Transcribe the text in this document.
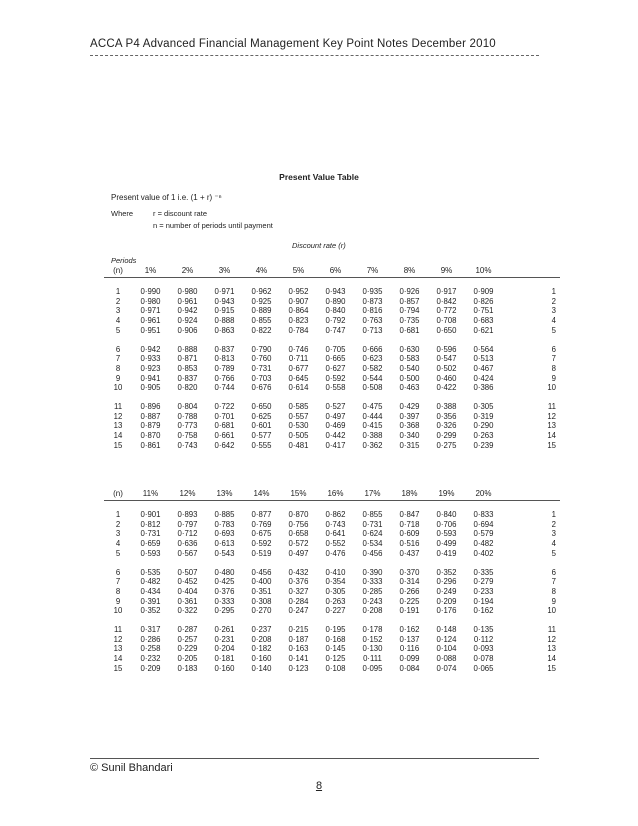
ACCA P4 Advanced Financial Management Key Point Notes December 2010
Present Value Table
Present value of 1 i.e. (1 + r) ⁻ⁿ
Where	r = discount rate
n = number of periods until payment
Discount rate (r)
Periods
(n)	1%	2%	3%	4%	5%	6%	7%	8%	9%	10%	

1	0·990	0·980	0·971	0·962	0·952	0·943	0·935	0·926	0·917	0·909	1
2	0·980	0·961	0·943	0·925	0·907	0·890	0·873	0·857	0·842	0·826	2
3	0·971	0·942	0·915	0·889	0·864	0·840	0·816	0·794	0·772	0·751	3
4	0·961	0·924	0·888	0·855	0·823	0·792	0·763	0·735	0·708	0·683	4
5	0·951	0·906	0·863	0·822	0·784	0·747	0·713	0·681	0·650	0·621	5

6	0·942	0·888	0·837	0·790	0·746	0·705	0·666	0·630	0·596	0·564	6
7	0·933	0·871	0·813	0·760	0·711	0·665	0·623	0·583	0·547	0·513	7
8	0·923	0·853	0·789	0·731	0·677	0·627	0·582	0·540	0·502	0·467	8
9	0·941	0·837	0·766	0·703	0·645	0·592	0·544	0·500	0·460	0·424	9
10	0·905	0·820	0·744	0·676	0·614	0·558	0·508	0·463	0·422	0·386	10

11	0·896	0·804	0·722	0·650	0·585	0·527	0·475	0·429	0·388	0·305	11
12	0·887	0·788	0·701	0·625	0·557	0·497	0·444	0·397	0·356	0·319	12
13	0·879	0·773	0·681	0·601	0·530	0·469	0·415	0·368	0·326	0·290	13
14	0·870	0·758	0·661	0·577	0·505	0·442	0·388	0·340	0·299	0·263	14
15	0·861	0·743	0·642	0·555	0·481	0·417	0·362	0·315	0·275	0·239	15
(n)	11%	12%	13%	14%	15%	16%	17%	18%	19%	20%	

1	0·901	0·893	0·885	0·877	0·870	0·862	0·855	0·847	0·840	0·833	1
2	0·812	0·797	0·783	0·769	0·756	0·743	0·731	0·718	0·706	0·694	2
3	0·731	0·712	0·693	0·675	0·658	0·641	0·624	0·609	0·593	0·579	3
4	0·659	0·636	0·613	0·592	0·572	0·552	0·534	0·516	0·499	0·482	4
5	0·593	0·567	0·543	0·519	0·497	0·476	0·456	0·437	0·419	0·402	5

6	0·535	0·507	0·480	0·456	0·432	0·410	0·390	0·370	0·352	0·335	6
7	0·482	0·452	0·425	0·400	0·376	0·354	0·333	0·314	0·296	0·279	7
8	0·434	0·404	0·376	0·351	0·327	0·305	0·285	0·266	0·249	0·233	8
9	0·391	0·361	0·333	0·308	0·284	0·263	0·243	0·225	0·209	0·194	9
10	0·352	0·322	0·295	0·270	0·247	0·227	0·208	0·191	0·176	0·162	10

11	0·317	0·287	0·261	0·237	0·215	0·195	0·178	0·162	0·148	0·135	11
12	0·286	0·257	0·231	0·208	0·187	0·168	0·152	0·137	0·124	0·112	12
13	0·258	0·229	0·204	0·182	0·163	0·145	0·130	0·116	0·104	0·093	13
14	0·232	0·205	0·181	0·160	0·141	0·125	0·111	0·099	0·088	0·078	14
15	0·209	0·183	0·160	0·140	0·123	0·108	0·095	0·084	0·074	0·065	15
© Sunil Bhandari
8
